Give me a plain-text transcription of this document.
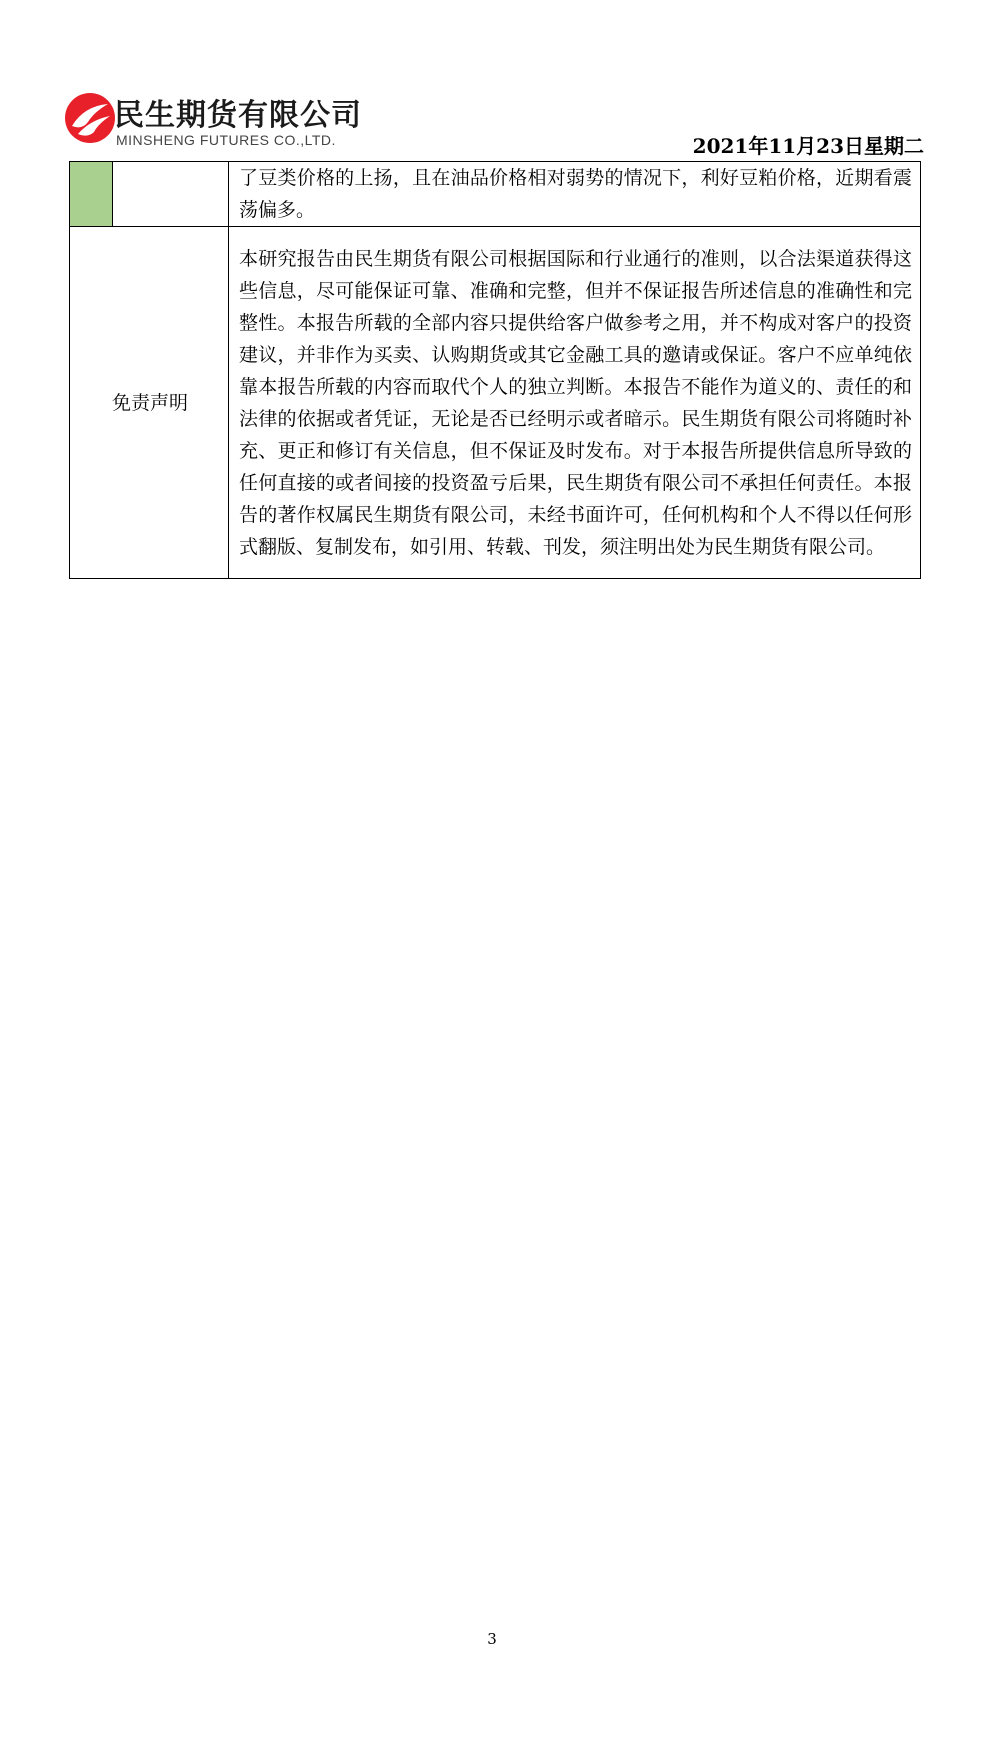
民生期货有限公司
MINSHENG FUTURES CO.,LTD.	2021年11月23日星期二
		了豆类价格的上扬，且在油品价格相对弱势的情况下，利好豆粕价格，近期看震荡偏多。
免责声明		本研究报告由民生期货有限公司根据国际和行业通行的准则，以合法渠道获得这些信息，尽可能保证可靠、准确和完整，但并不保证报告所述信息的准确性和完整性。本报告所载的全部内容只提供给客户做参考之用，并不构成对客户的投资建议，并非作为买卖、认购期货或其它金融工具的邀请或保证。客户不应单纯依靠本报告所载的内容而取代个人的独立判断。本报告不能作为道义的、责任的和法律的依据或者凭证，无论是否已经明示或者暗示。民生期货有限公司将随时补充、更正和修订有关信息，但不保证及时发布。对于本报告所提供信息所导致的任何直接的或者间接的投资盈亏后果，民生期货有限公司不承担任何责任。本报告的著作权属民生期货有限公司，未经书面许可，任何机构和个人不得以任何形式翻版、复制发布，如引用、转载、刊发，须注明出处为民生期货有限公司。
3
